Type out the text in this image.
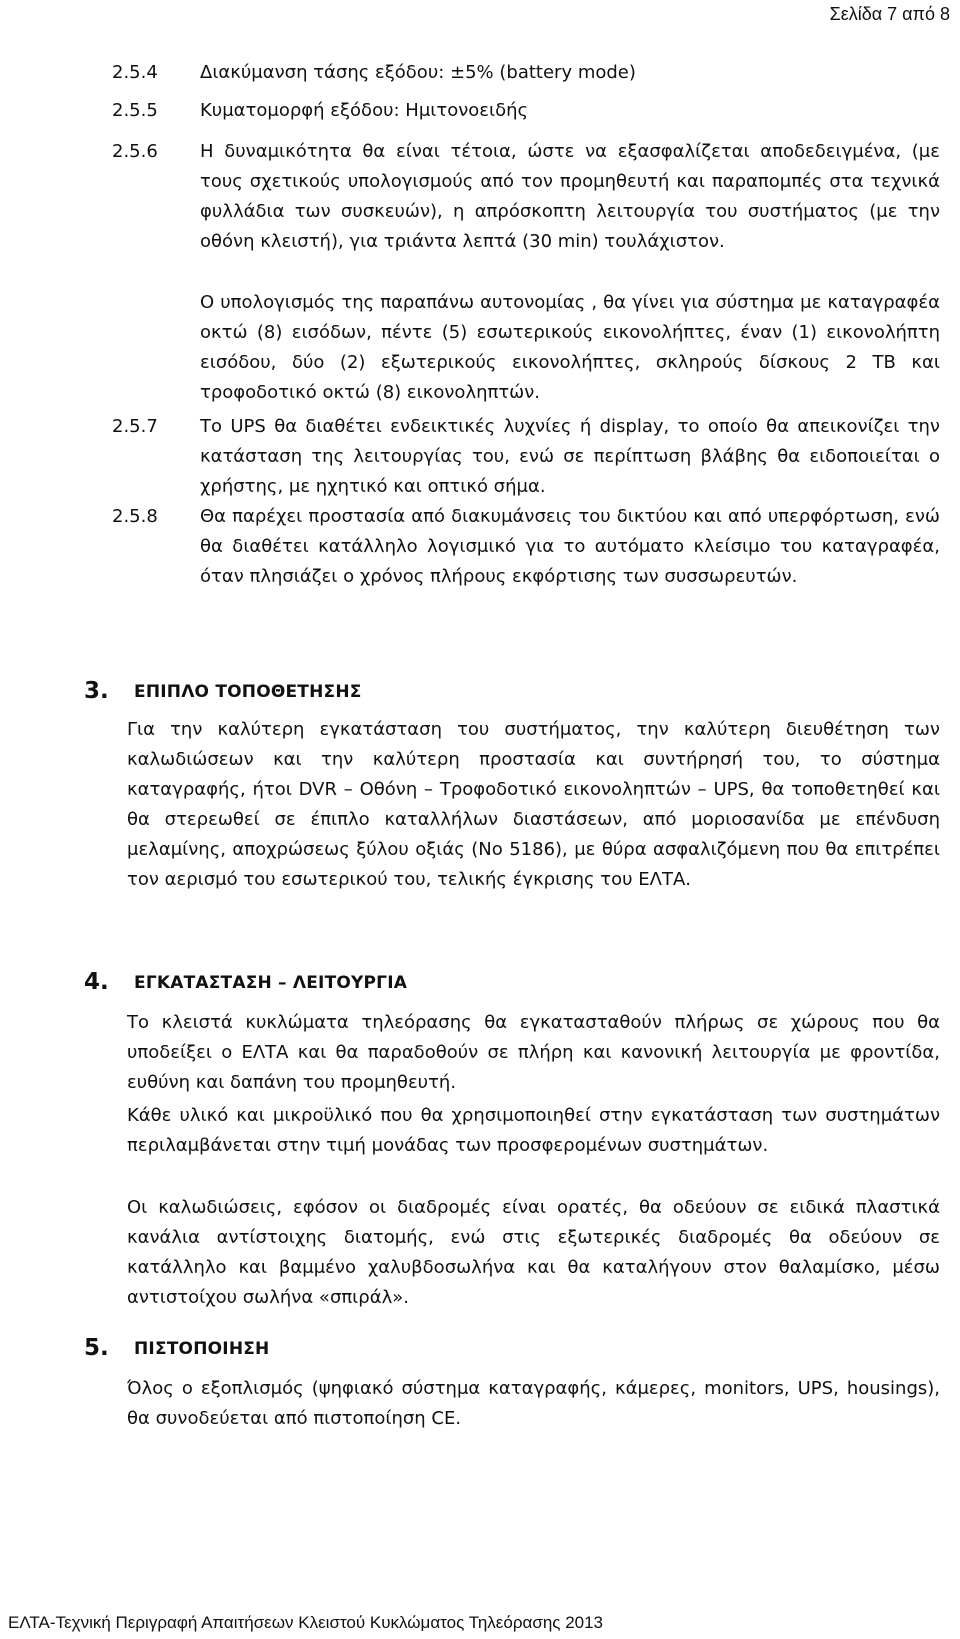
Σελίδα 7 από 8
2.5.4 Διακύμανση τάσης εξόδου: ±5% (battery mode)
2.5.5 Κυματομορφή εξόδου: Ημιτονοειδής
2.5.6 Η δυναμικότητα θα είναι τέτοια, ώστε να εξασφαλίζεται αποδεδειγμένα, (με τους σχετικούς υπολογισμούς από τον προμηθευτή και παραπομπές στα τεχνικά φυλλάδια των συσκευών), η απρόσκοπτη λειτουργία του συστήματος (με την οθόνη κλειστή), για τριάντα λεπτά (30 min) τουλάχιστον.
Ο υπολογισμός της παραπάνω αυτονομίας , θα γίνει για σύστημα με καταγραφέα οκτώ (8) εισόδων, πέντε (5) εσωτερικούς εικονολήπτες, έναν (1) εικονολήπτη εισόδου, δύο (2) εξωτερικούς εικονολήπτες, σκληρούς δίσκους 2 TB και τροφοδοτικό οκτώ (8) εικονοληπτών.
2.5.7 Το UPS θα διαθέτει ενδεικτικές λυχνίες ή display, το οποίο θα απεικονίζει την κατάσταση της λειτουργίας του, ενώ σε περίπτωση βλάβης θα ειδοποιείται ο χρήστης, με ηχητικό και οπτικό σήμα.
2.5.8 Θα παρέχει προστασία από διακυμάνσεις του δικτύου και από υπερφόρτωση, ενώ θα διαθέτει κατάλληλο λογισμικό για το αυτόματο κλείσιμο του καταγραφέα, όταν πλησιάζει ο χρόνος πλήρους εκφόρτισης των συσσωρευτών.
3. ΕΠΙΠΛΟ ΤΟΠΟΘΕΤΗΣΗΣ
Για την καλύτερη εγκατάσταση του συστήματος, την καλύτερη διευθέτηση των καλωδιώσεων και την καλύτερη προστασία και συντήρησή του, το σύστημα καταγραφής, ήτοι DVR – Οθόνη – Τροφοδοτικό εικονοληπτών – UPS, θα τοποθετηθεί και θα στερεωθεί σε έπιπλο καταλλήλων διαστάσεων, από μοριοσανίδα με επένδυση μελαμίνης, αποχρώσεως ξύλου οξιάς (Νο 5186), με θύρα ασφαλιζόμενη που θα επιτρέπει τον αερισμό του εσωτερικού του, τελικής έγκρισης του ΕΛΤΑ.
4. ΕΓΚΑΤΑΣΤΑΣΗ – ΛΕΙΤΟΥΡΓΙΑ
Το κλειστά κυκλώματα τηλεόρασης θα εγκατασταθούν πλήρως σε χώρους που θα υποδείξει ο ΕΛΤΑ και θα παραδοθούν σε πλήρη και κανονική λειτουργία με φροντίδα, ευθύνη και δαπάνη του προμηθευτή.
Κάθε υλικό και μικροϋλικό που θα χρησιμοποιηθεί στην εγκατάσταση των συστημάτων περιλαμβάνεται στην τιμή μονάδας των προσφερομένων συστημάτων.
Οι καλωδιώσεις, εφόσον οι διαδρομές είναι ορατές, θα οδεύουν σε ειδικά πλαστικά κανάλια αντίστοιχης διατομής, ενώ στις εξωτερικές διαδρομές θα οδεύουν σε κατάλληλο και βαμμένο χαλυβδοσωλήνα και θα καταλήγουν στον θαλαμίσκο, μέσω αντιστοίχου σωλήνα «σπιράλ».
5. ΠΙΣΤΟΠΟΙΗΣΗ
Όλος ο εξοπλισμός (ψηφιακό σύστημα καταγραφής, κάμερες, monitors, UPS, housings), θα συνοδεύεται από πιστοποίηση CE.
ΕΛΤΑ-Τεχνική Περιγραφή Απαιτήσεων Κλειστού Κυκλώματος Τηλεόρασης 2013
